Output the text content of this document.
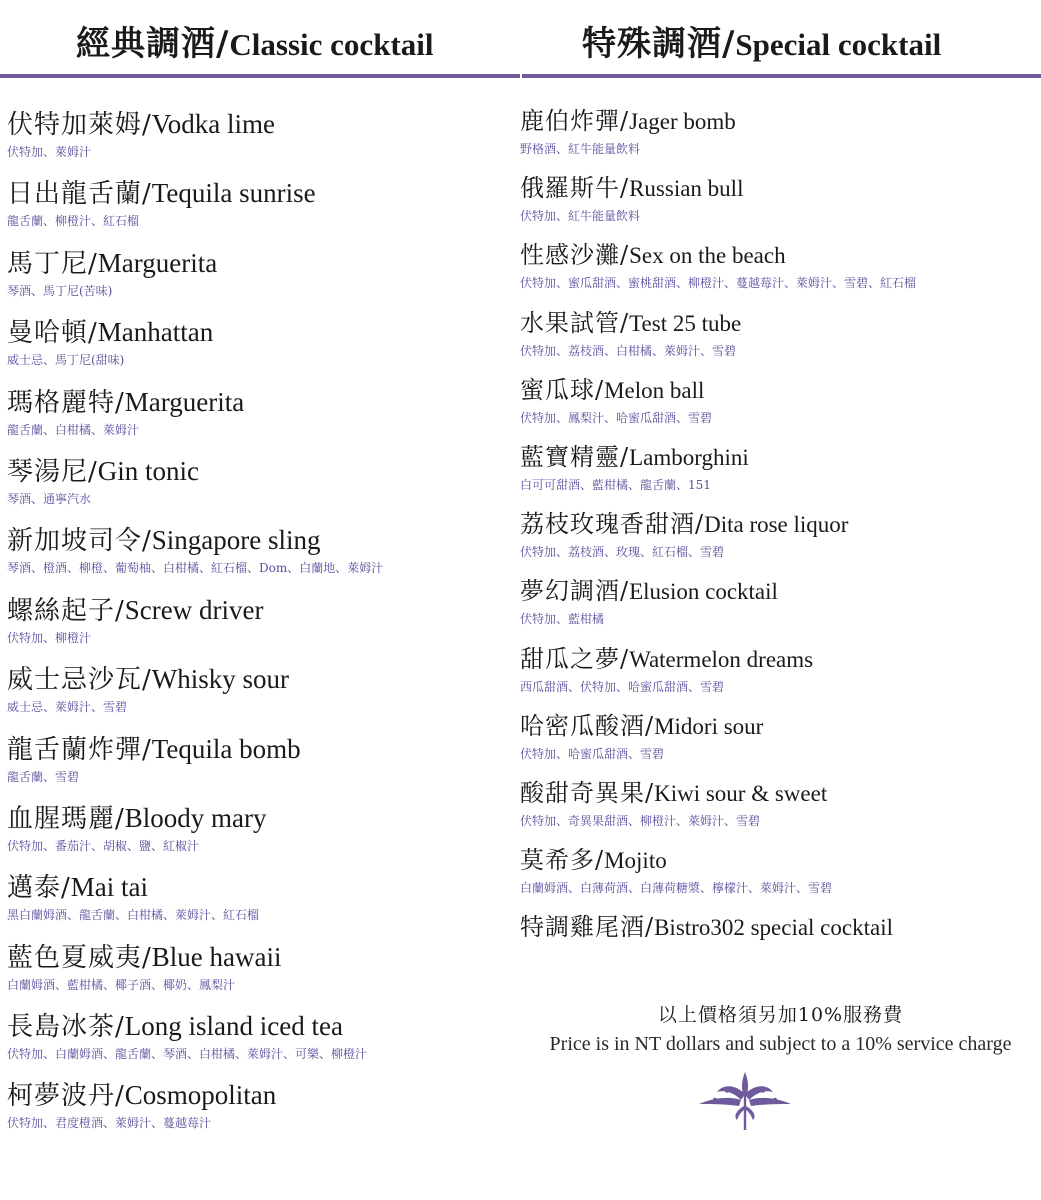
經典調酒/Classic cocktail
伏特加萊姆/Vodka lime
伏特加、萊姆汁
日出龍舌蘭/Tequila sunrise
龍舌蘭、柳橙汁、紅石榴
馬丁尼/Marguerita
琴酒、馬丁尼(苦味)
曼哈頓/Manhattan
威士忌、馬丁尼(甜味)
瑪格麗特/Marguerita
龍舌蘭、白柑橘、萊姆汁
琴湯尼/Gin tonic
琴酒、通寧汽水
新加坡司令/Singapore sling
琴酒、橙酒、柳橙、葡萄柚、白柑橘、紅石榴、Dom、白蘭地、萊姆汁
螺絲起子/Screw driver
伏特加、柳橙汁
威士忌沙瓦/Whisky sour
威士忌、萊姆汁、雪碧
龍舌蘭炸彈/Tequila bomb
龍舌蘭、雪碧
血腥瑪麗/Bloody mary
伏特加、番茄汁、胡椒、鹽、紅椒汁
邁泰/Mai tai
黑白蘭姆酒、龍舌蘭、白柑橘、萊姆汁、紅石榴
藍色夏威夷/Blue hawaii
白蘭姆酒、藍柑橘、椰子酒、椰奶、鳳梨汁
長島冰茶/Long island iced tea
伏特加、白蘭姆酒、龍舌蘭、琴酒、白柑橘、萊姆汁、可樂、柳橙汁
柯夢波丹/Cosmopolitan
伏特加、君度橙酒、萊姆汁、蔓越莓汁
特殊調酒/Special cocktail
鹿伯炸彈/Jager bomb
野格酒、紅牛能量飲料
俄羅斯牛/Russian bull
伏特加、紅牛能量飲料
性感沙灘/Sex on the beach
伏特加、蜜瓜甜酒、蜜桃甜酒、柳橙汁、蔓越莓汁、萊姆汁、雪碧、紅石榴
水果試管/Test 25 tube
伏特加、荔枝酒、白柑橘、萊姆汁、雪碧
蜜瓜球/Melon ball
伏特加、鳳梨汁、哈蜜瓜甜酒、雪碧
藍寶精靈/Lamborghini
白可可甜酒、藍柑橘、龍舌蘭、151
荔枝玫瑰香甜酒/Dita rose liquor
伏特加、荔枝酒、玫瑰、紅石榴、雪碧
夢幻調酒/Elusion cocktail
伏特加、藍柑橘
甜瓜之夢/Watermelon dreams
西瓜甜酒、伏特加、哈蜜瓜甜酒、雪碧
哈密瓜酸酒/Midori sour
伏特加、哈蜜瓜甜酒、雪碧
酸甜奇異果/Kiwi sour & sweet
伏特加、奇異果甜酒、柳橙汁、萊姆汁、雪碧
莫希多/Mojito
白蘭姆酒、白薄荷酒、白薄荷糖漿、檸檬汁、萊姆汁、雪碧
特調雞尾酒/Bistro302 special cocktail
以上價格須另加10%服務費
Price is in NT dollars and subject to a 10% service charge
